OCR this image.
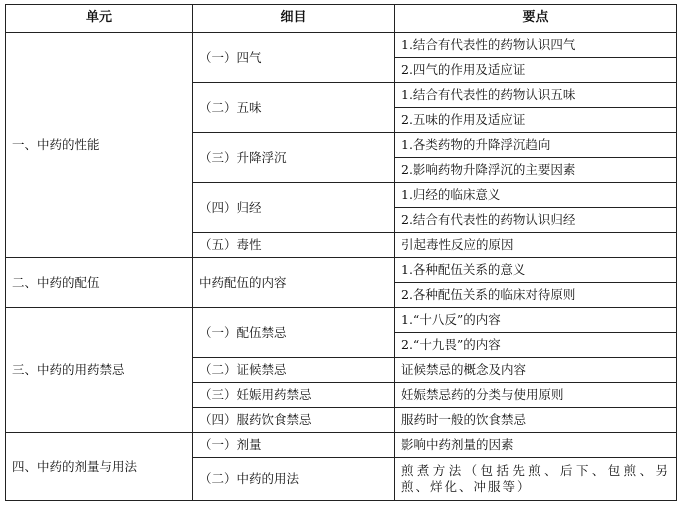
单元	细目	要点
一、中药的性能	（一）四气	1.结合有代表性的药物认识四气
		2.四气的作用及适应证
	（二）五味	1.结合有代表性的药物认识五味
		2.五味的作用及适应证
	（三）升降浮沉	1.各类药物的升降浮沉趋向
		2.影响药物升降浮沉的主要因素
	（四）归经	1.归经的临床意义
		2.结合有代表性的药物认识归经
	（五）毒性	引起毒性反应的原因
二、中药的配伍	中药配伍的内容	1.各种配伍关系的意义
		2.各种配伍关系的临床对待原则
三、中药的用药禁忌	（一）配伍禁忌	1.“十八反”的内容
		2.“十九畏”的内容
	（二）证候禁忌	证候禁忌的概念及内容
	（三）妊娠用药禁忌	妊娠禁忌药的分类与使用原则
	（四）服药饮食禁忌	服药时一般的饮食禁忌
四、中药的剂量与用法	（一）剂量	影响中药剂量的因素
	（二）中药的用法	煎煮方法（包括先煎、后下、包煎、另煎、烊化、冲服等）
